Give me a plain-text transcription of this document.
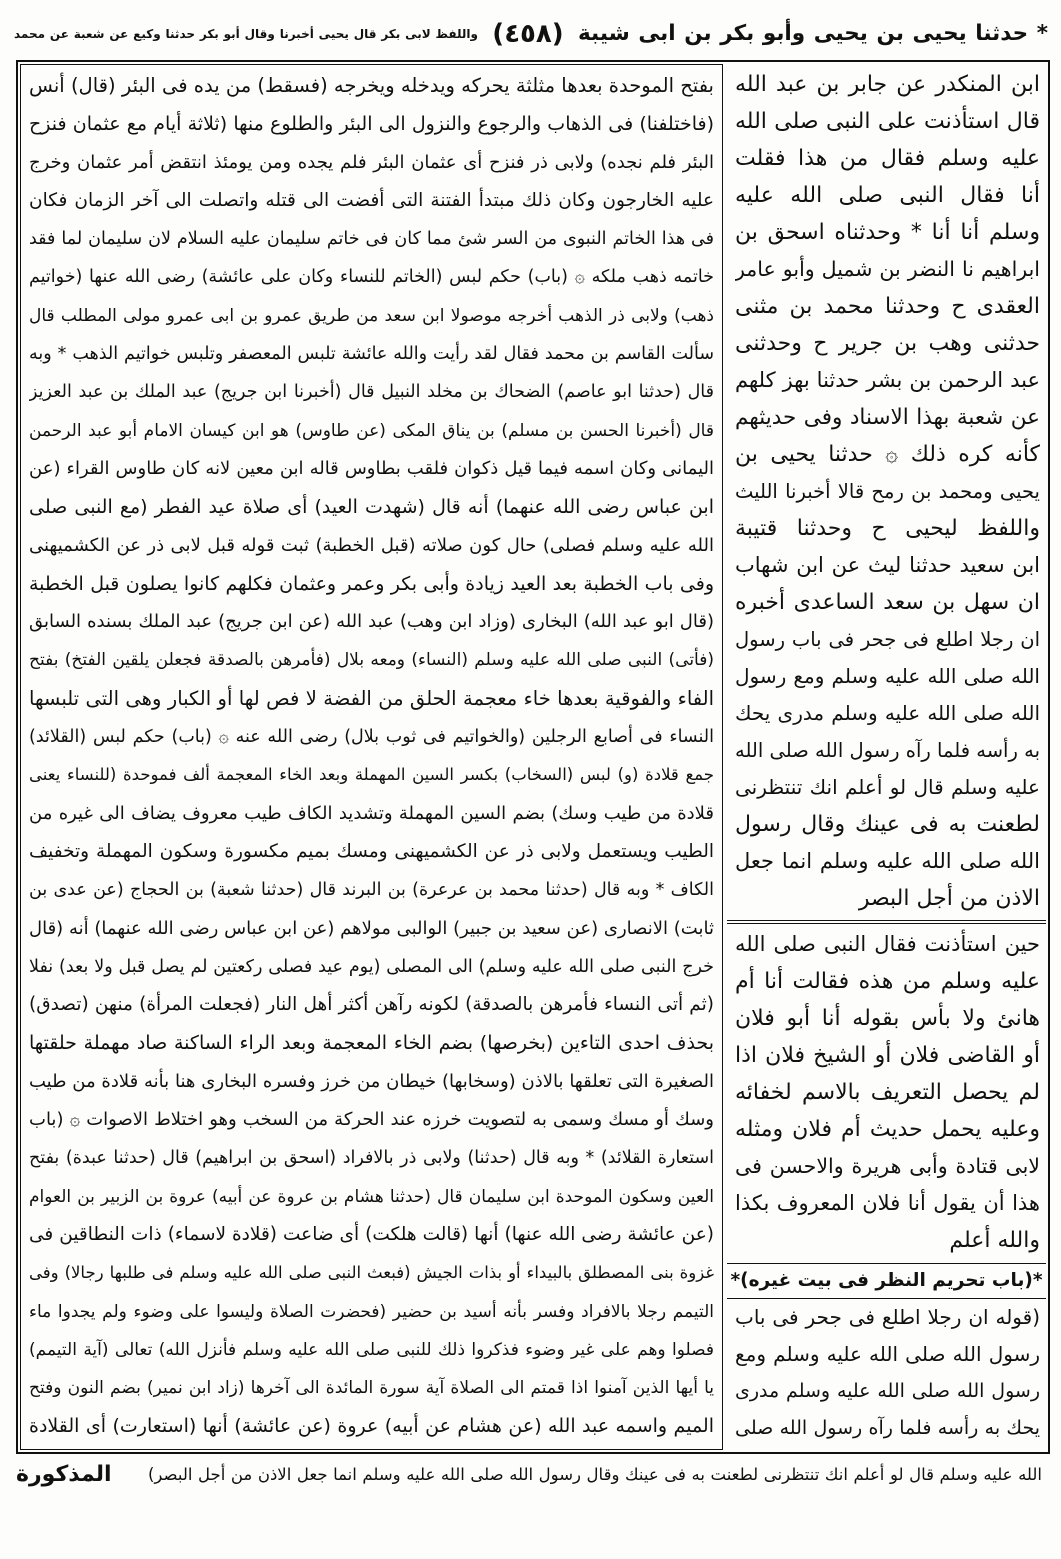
* حدثنا يحيى بن يحيى وأبو بكر بن ابى شيبة
(٤٥٨)
واللفظ لابى بكر قال يحيى أخبرنا وقال أبو بكر حدثنا وكيع عن شعبة عن محمد
بفتح الموحدة بعدها مثلثة يحركه ويدخله ويخرجه (فسقط) من يده فى البئر (قال) أنس
(فاختلفنا) فى الذهاب والرجوع والنزول الى البئر والطلوع منها (ثلاثة أيام مع عثمان فنزح
البئر فلم نجده) ولابى ذر فنزح أى عثمان البئر فلم يجده ومن يومئذ انتقض أمر عثمان وخرج
عليه الخارجون وكان ذلك مبتدأ الفتنة التى أفضت الى قتله واتصلت الى آخر الزمان فكان
فى هذا الخاتم النبوى من السر شئ مما كان فى خاتم سليمان عليه السلام لان سليمان لما فقد
خاتمه ذهب ملكه ۞ (باب) حكم لبس (الخاتم للنساء وكان على عائشة) رضى الله عنها (خواتيم
ذهب) ولابى ذر الذهب أخرجه موصولا ابن سعد من طريق عمرو بن ابى عمرو مولى المطلب قال
سألت القاسم بن محمد فقال لقد رأيت والله عائشة تلبس المعصفر وتلبس خواتيم الذهب * وبه
قال (حدثنا ابو عاصم) الضحاك بن مخلد النبيل قال (أخبرنا ابن جريج) عبد الملك بن عبد العزيز
قال (أخبرنا الحسن بن مسلم) بن يناق المكى (عن طاوس) هو ابن كيسان الامام أبو عبد الرحمن
اليمانى وكان اسمه فيما قيل ذكوان فلقب بطاوس قاله ابن معين لانه كان طاوس القراء (عن
ابن عباس رضى الله عنهما) أنه قال (شهدت العيد) أى صلاة عيد الفطر (مع النبى صلى
الله عليه وسلم فصلى) حال كون صلاته (قبل الخطبة) ثبت قوله قبل لابى ذر عن الكشميهنى
وفى باب الخطبة بعد العيد زيادة وأبى بكر وعمر وعثمان فكلهم كانوا يصلون قبل الخطبة
(قال ابو عبد الله) البخارى (وزاد ابن وهب) عبد الله (عن ابن جريج) عبد الملك بسنده السابق
(فأتى) النبى صلى الله عليه وسلم (النساء) ومعه بلال (فأمرهن بالصدقة فجعلن يلقين الفتخ) بفتح
الفاء والفوقية بعدها خاء معجمة الحلق من الفضة لا فص لها أو الكبار وهى التى تلبسها
النساء فى أصابع الرجلين (والخواتيم فى ثوب بلال) رضى الله عنه ۞ (باب) حكم لبس (القلائد)
جمع قلادة (و) لبس (السخاب) بكسر السين المهملة وبعد الخاء المعجمة ألف فموحدة (للنساء يعنى
قلادة من طيب وسك) بضم السين المهملة وتشديد الكاف طيب معروف يضاف الى غيره من
الطيب ويستعمل ولابى ذر عن الكشميهنى ومسك بميم مكسورة وسكون المهملة وتخفيف
الكاف * وبه قال (حدثنا محمد بن عرعرة) بن البرند قال (حدثنا شعبة) بن الحجاج (عن عدى بن
ثابت) الانصارى (عن سعيد بن جبير) الوالبى مولاهم (عن ابن عباس رضى الله عنهما) أنه (قال
خرج النبى صلى الله عليه وسلم) الى المصلى (يوم عيد فصلى ركعتين لم يصل قبل ولا بعد) نفلا
(ثم أتى النساء فأمرهن بالصدقة) لكونه رآهن أكثر أهل النار (فجعلت المرأة) منهن (تصدق)
بحذف احدى التاءين (بخرصها) بضم الخاء المعجمة وبعد الراء الساكنة صاد مهملة حلقتها
الصغيرة التى تعلقها بالاذن (وسخابها) خيطان من خرز وفسره البخارى هنا بأنه قلادة من طيب
وسك أو مسك وسمى به لتصويت خرزه عند الحركة من السخب وهو اختلاط الاصوات ۞ (باب
استعارة القلائد) * وبه قال (حدثنا) ولابى ذر بالافراد (اسحق بن ابراهيم) قال (حدثنا عبدة) بفتح
العين وسكون الموحدة ابن سليمان قال (حدثنا هشام بن عروة عن أبيه) عروة بن الزبير بن العوام
(عن عائشة رضى الله عنها) أنها (قالت هلكت) أى ضاعت (قلادة لاسماء) ذات النطاقين فى
غزوة بنى المصطلق بالبيداء أو بذات الجيش (فبعث النبى صلى الله عليه وسلم فى طلبها رجالا) وفى
التيمم رجلا بالافراد وفسر بأنه أسيد بن حضير (فحضرت الصلاة وليسوا على وضوء ولم يجدوا ماء
فصلوا وهم على غير وضوء فذكروا ذلك للنبى صلى الله عليه وسلم فأنزل الله) تعالى (آية التيمم)
يا أيها الذين آمنوا اذا قمتم الى الصلاة آية سورة المائدة الى آخرها (زاد ابن نمير) بضم النون وفتح
الميم واسمه عبد الله (عن هشام عن أبيه) عروة (عن عائشة) أنها (استعارت) أى القلادة
ابن المنكدر عن جابر بن عبد الله
قال استأذنت على النبى صلى الله
عليه وسلم فقال من هذا فقلت
أنا فقال النبى صلى الله عليه
وسلم أنا أنا * وحدثناه اسحق بن
ابراهيم نا النضر بن شميل وأبو عامر
العقدى ح وحدثنا محمد بن مثنى
حدثنى وهب بن جرير ح وحدثنى
عبد الرحمن بن بشر حدثنا بهز كلهم
عن شعبة بهذا الاسناد وفى حديثهم
كأنه كره ذلك ۞ حدثنا يحيى بن
يحيى ومحمد بن رمح قالا أخبرنا الليث
واللفظ ليحيى ح وحدثنا قتيبة
ابن سعيد حدثنا ليث عن ابن شهاب
ان سهل بن سعد الساعدى أخبره
ان رجلا اطلع فى جحر فى باب رسول
الله صلى الله عليه وسلم ومع رسول
الله صلى الله عليه وسلم مدرى يحك
به رأسه فلما رآه رسول الله صلى الله
عليه وسلم قال لو أعلم انك تنتظرنى
لطعنت به فى عينك وقال رسول
الله صلى الله عليه وسلم انما جعل
الاذن من أجل البصر
حين استأذنت فقال النبى صلى الله
عليه وسلم من هذه فقالت أنا أم
هانئ ولا بأس بقوله أنا أبو فلان
أو القاضى فلان أو الشيخ فلان اذا
لم يحصل التعريف بالاسم لخفائه
وعليه يحمل حديث أم فلان ومثله
لابى قتادة وأبى هريرة والاحسن فى
هذا أن يقول أنا فلان المعروف بكذا
والله أعلم
*(باب تحريم النظر فى بيت غيره)*
(قوله ان رجلا اطلع فى جحر فى باب
رسول الله صلى الله عليه وسلم ومع
رسول الله صلى الله عليه وسلم مدرى
يحك به رأسه فلما رآه رسول الله صلى
الله عليه وسلم قال لو أعلم انك تنتظرنى لطعنت به فى عينك وقال رسول الله صلى الله عليه وسلم انما جعل الاذن من أجل البصر)
المذكورة
